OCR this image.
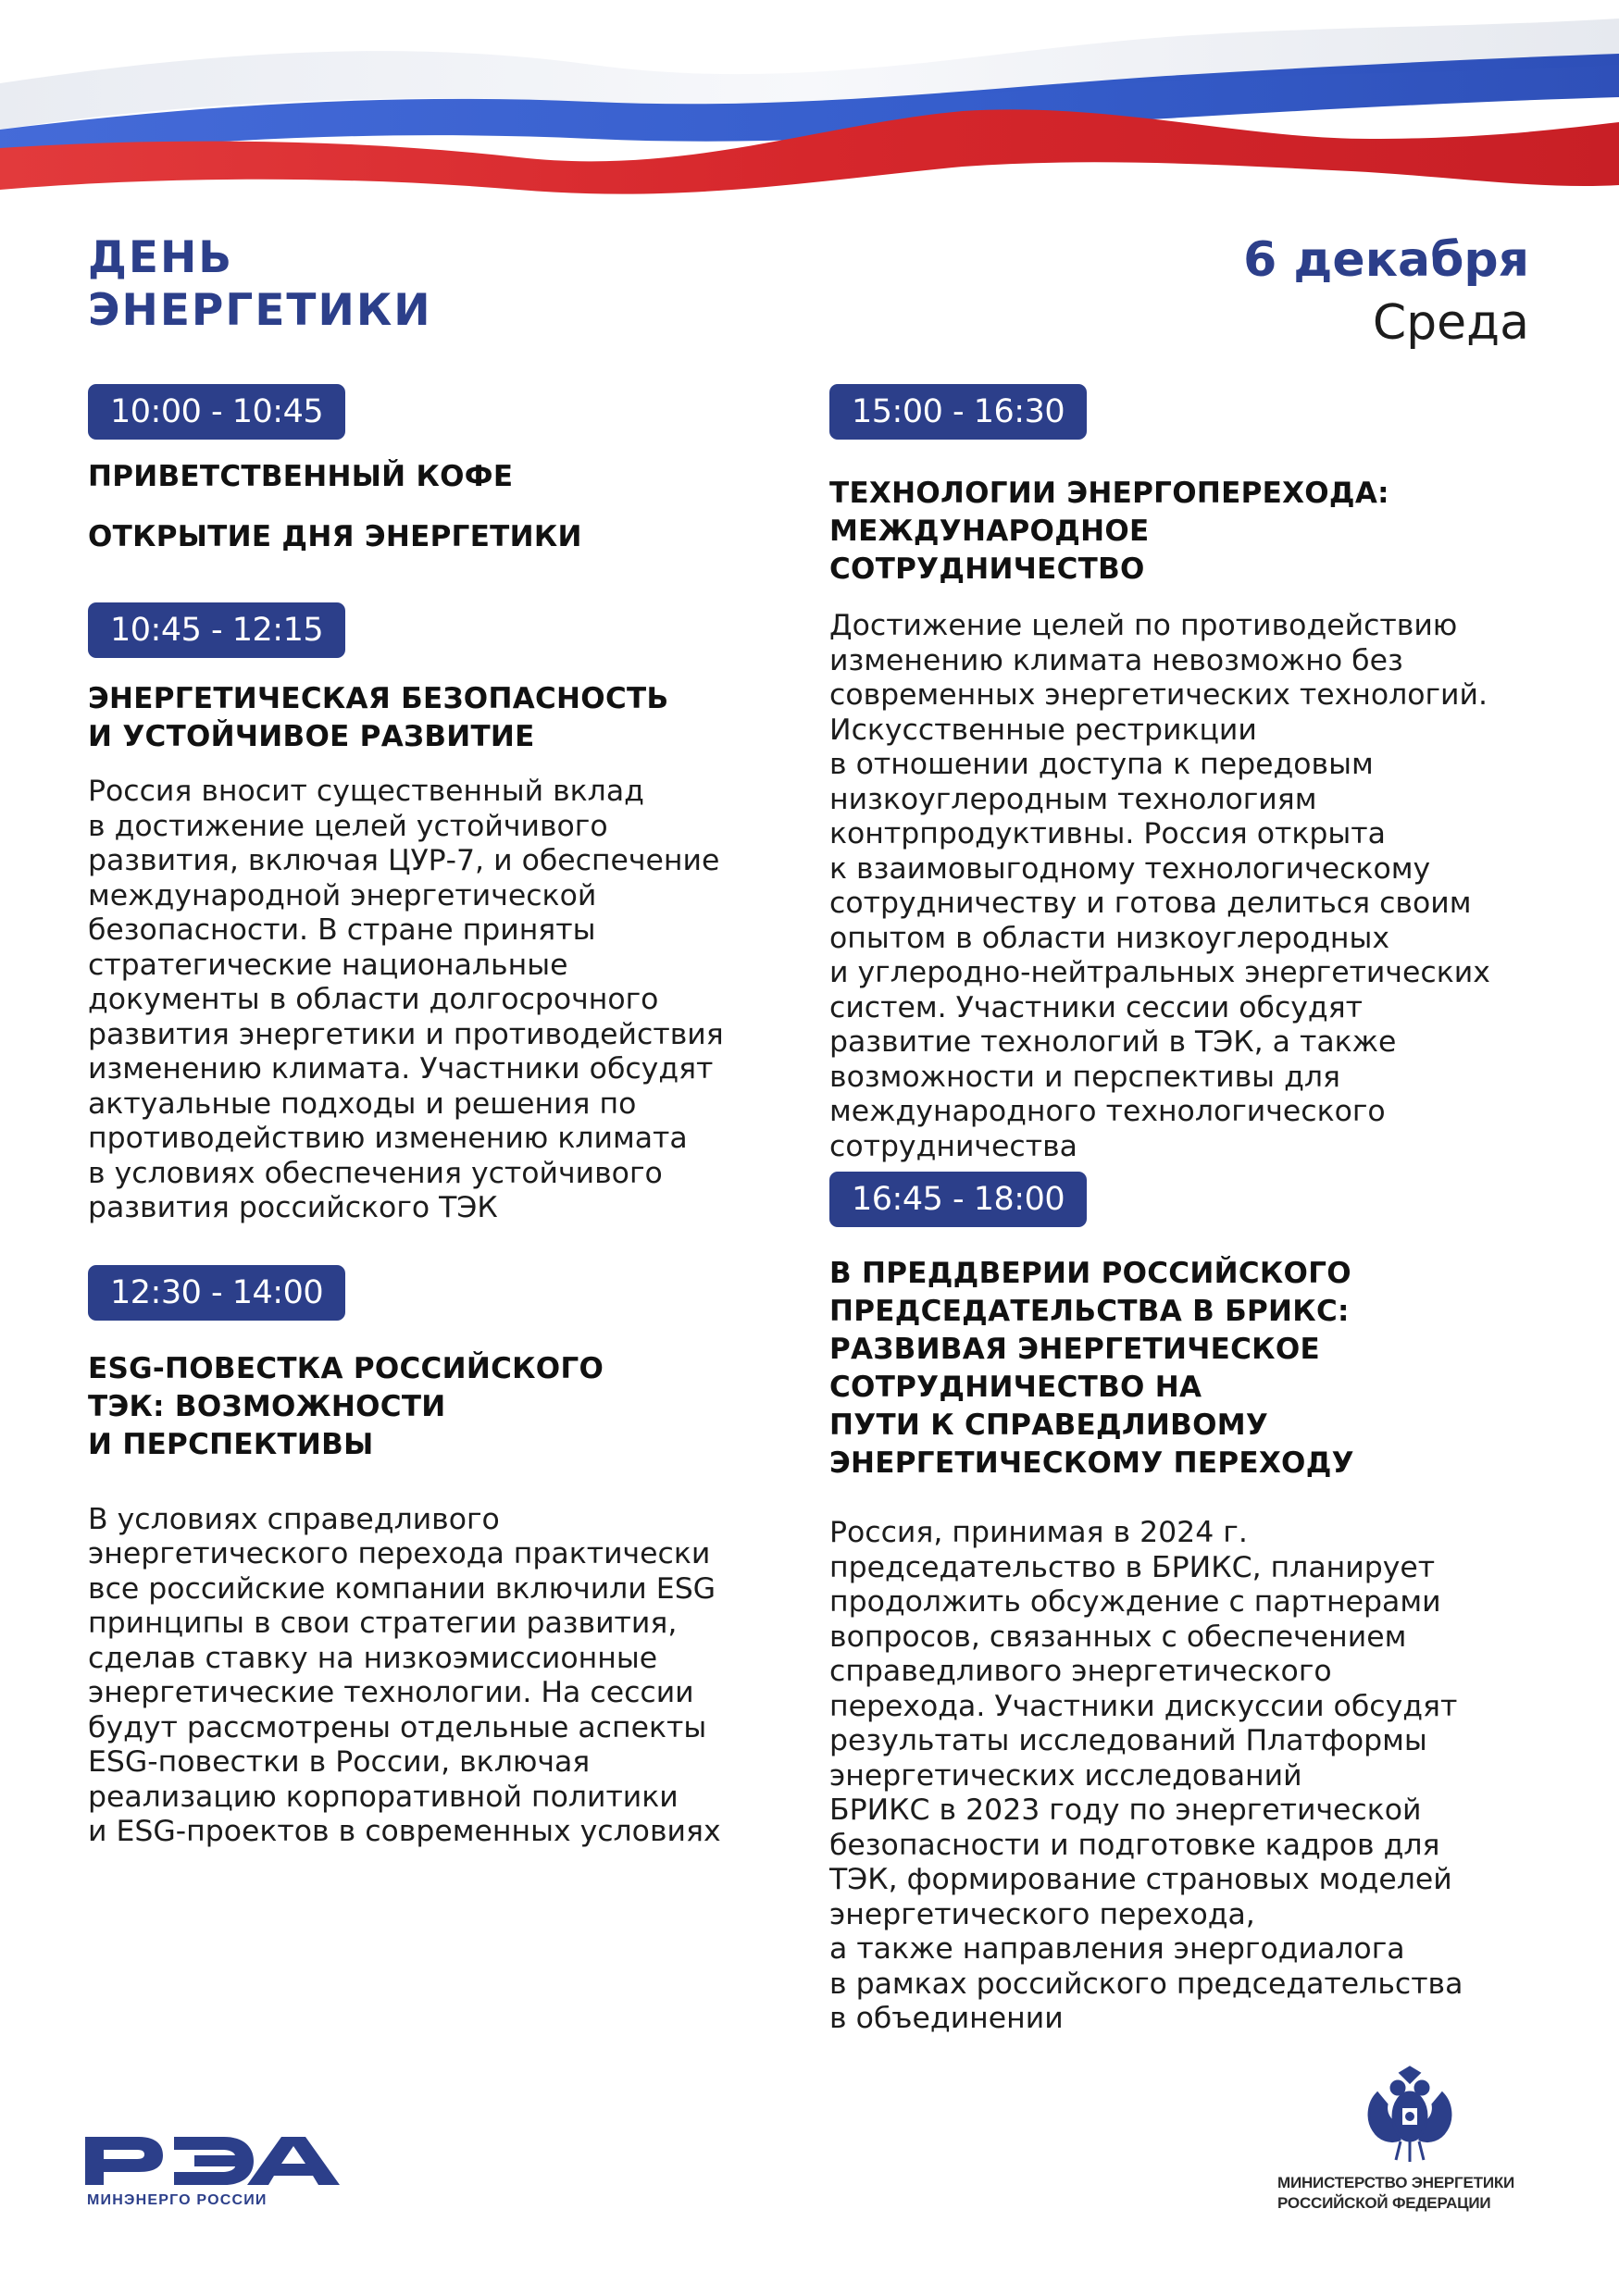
ДЕНЬ
ЭНЕРГЕТИКИ
6 декабря
Среда
10:00 - 10:45
ПРИВЕТСТВЕННЫЙ КОФЕ
ОТКРЫТИЕ ДНЯ ЭНЕРГЕТИКИ
10:45 - 12:15
ЭНЕРГЕТИЧЕСКАЯ БЕЗОПАСНОСТЬ
И УСТОЙЧИВОЕ РАЗВИТИЕ
Россия вносит существенный вклад
в достижение целей устойчивого
развития, включая ЦУР-7, и обеспечение
международной энергетической
безопасности. В стране приняты
стратегические национальные
документы в области долгосрочного
развития энергетики и противодействия
изменению климата. Участники обсудят
актуальные подходы и решения по
противодействию изменению климата
в условиях обеспечения устойчивого
развития российского ТЭК
12:30 - 14:00
ESG-ПОВЕСТКА РОССИЙСКОГО
ТЭК: ВОЗМОЖНОСТИ
И ПЕРСПЕКТИВЫ
В условиях справедливого
энергетического перехода практически
все российские компании включили ESG
принципы в свои стратегии развития,
сделав ставку на низкоэмиссионные
энергетические технологии. На сессии
будут рассмотрены отдельные аспекты
ESG-повестки в России, включая
реализацию корпоративной политики
и ESG-проектов в современных условиях
15:00 - 16:30
ТЕХНОЛОГИИ ЭНЕРГОПЕРЕХОДА:
МЕЖДУНАРОДНОЕ
СОТРУДНИЧЕСТВО
Достижение целей по противодействию
изменению климата невозможно без
современных энергетических технологий.
Искусственные рестрикции
в отношении доступа к передовым
низкоуглеродным технологиям
контрпродуктивны. Россия открыта
к взаимовыгодному технологическому
сотрудничеству и готова делиться своим
опытом в области низкоуглеродных
и углеродно-нейтральных энергетических
систем. Участники сессии обсудят
развитие технологий в ТЭК, а также
возможности и перспективы для
международного технологического
сотрудничества
16:45 - 18:00
В ПРЕДДВЕРИИ РОССИЙСКОГО
ПРЕДСЕДАТЕЛЬСТВА В БРИКС:
РАЗВИВАЯ ЭНЕРГЕТИЧЕСКОЕ
СОТРУДНИЧЕСТВО НА
ПУТИ К СПРАВЕДЛИВОМУ
ЭНЕРГЕТИЧЕСКОМУ ПЕРЕХОДУ
Россия, принимая в 2024 г.
председательство в БРИКС, планирует
продолжить обсуждение с партнерами
вопросов, связанных с обеспечением
справедливого энергетического
перехода. Участники дискуссии обсудят
результаты исследований Платформы
энергетических исследований
БРИКС в 2023 году по энергетической
безопасности и подготовке кадров для
ТЭК, формирование страновых моделей
энергетического перехода,
а также направления энергодиалога
в рамках российского председательства
в объединении
МИНЭНЕРГО РОССИИ
МИНИСТЕРСТВО ЭНЕРГЕТИКИ
РОССИЙСКОЙ ФЕДЕРАЦИИ
